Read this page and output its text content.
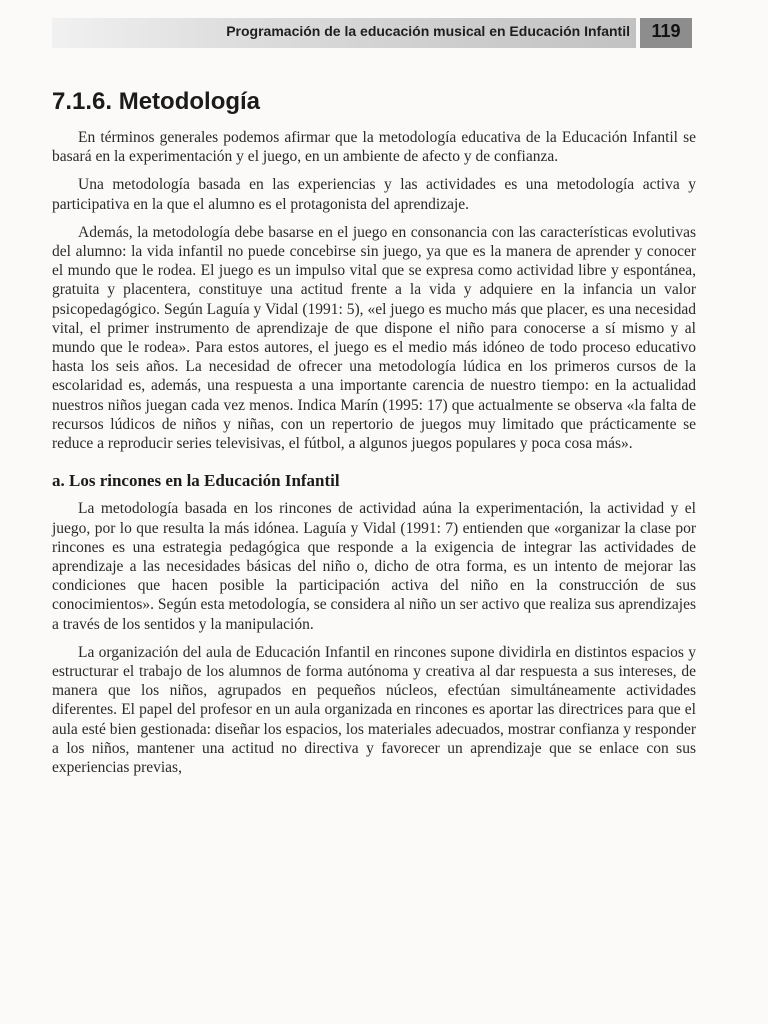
Programación de la educación musical en Educación Infantil	119
7.1.6. Metodología

En términos generales podemos afirmar que la metodología educativa de la Educación Infantil se basará en la experimentación y el juego, en un ambiente de afecto y de confianza.

Una metodología basada en las experiencias y las actividades es una metodología activa y participativa en la que el alumno es el protagonista del aprendizaje.

Además, la metodología debe basarse en el juego en consonancia con las características evolutivas del alumno: la vida infantil no puede concebirse sin juego, ya que es la manera de aprender y conocer el mundo que le rodea. El juego es un impulso vital que se expresa como actividad libre y espontánea, gratuita y placentera, constituye una actitud frente a la vida y adquiere en la infancia un valor psicopedagógico. Según Laguía y Vidal (1991: 5), «el juego es mucho más que placer, es una necesidad vital, el primer instrumento de aprendizaje de que dispone el niño para conocerse a sí mismo y al mundo que le rodea». Para estos autores, el juego es el medio más idóneo de todo proceso educativo hasta los seis años. La necesidad de ofrecer una metodología lúdica en los primeros cursos de la escolaridad es, además, una respuesta a una importante carencia de nuestro tiempo: en la actualidad nuestros niños juegan cada vez menos. Indica Marín (1995: 17) que actualmente se observa «la falta de recursos lúdicos de niños y niñas, con un repertorio de juegos muy limitado que prácticamente se reduce a reproducir series televisivas, el fútbol, a algunos juegos populares y poca cosa más».

a. Los rincones en la Educación Infantil

La metodología basada en los rincones de actividad aúna la experimentación, la actividad y el juego, por lo que resulta la más idónea. Laguía y Vidal (1991: 7) entienden que «organizar la clase por rincones es una estrategia pedagógica que responde a la exigencia de integrar las actividades de aprendizaje a las necesidades básicas del niño o, dicho de otra forma, es un intento de mejorar las condiciones que hacen posible la participación activa del niño en la construcción de sus conocimientos». Según esta metodología, se considera al niño un ser activo que realiza sus aprendizajes a través de los sentidos y la manipulación.

La organización del aula de Educación Infantil en rincones supone dividirla en distintos espacios y estructurar el trabajo de los alumnos de forma autónoma y creativa al dar respuesta a sus intereses, de manera que los niños, agrupados en pequeños núcleos, efectúan simultáneamente actividades diferentes. El papel del profesor en un aula organizada en rincones es aportar las directrices para que el aula esté bien gestionada: diseñar los espacios, los materiales adecuados, mostrar confianza y responder a los niños, mantener una actitud no directiva y favorecer un aprendizaje que se enlace con sus experiencias previas,
